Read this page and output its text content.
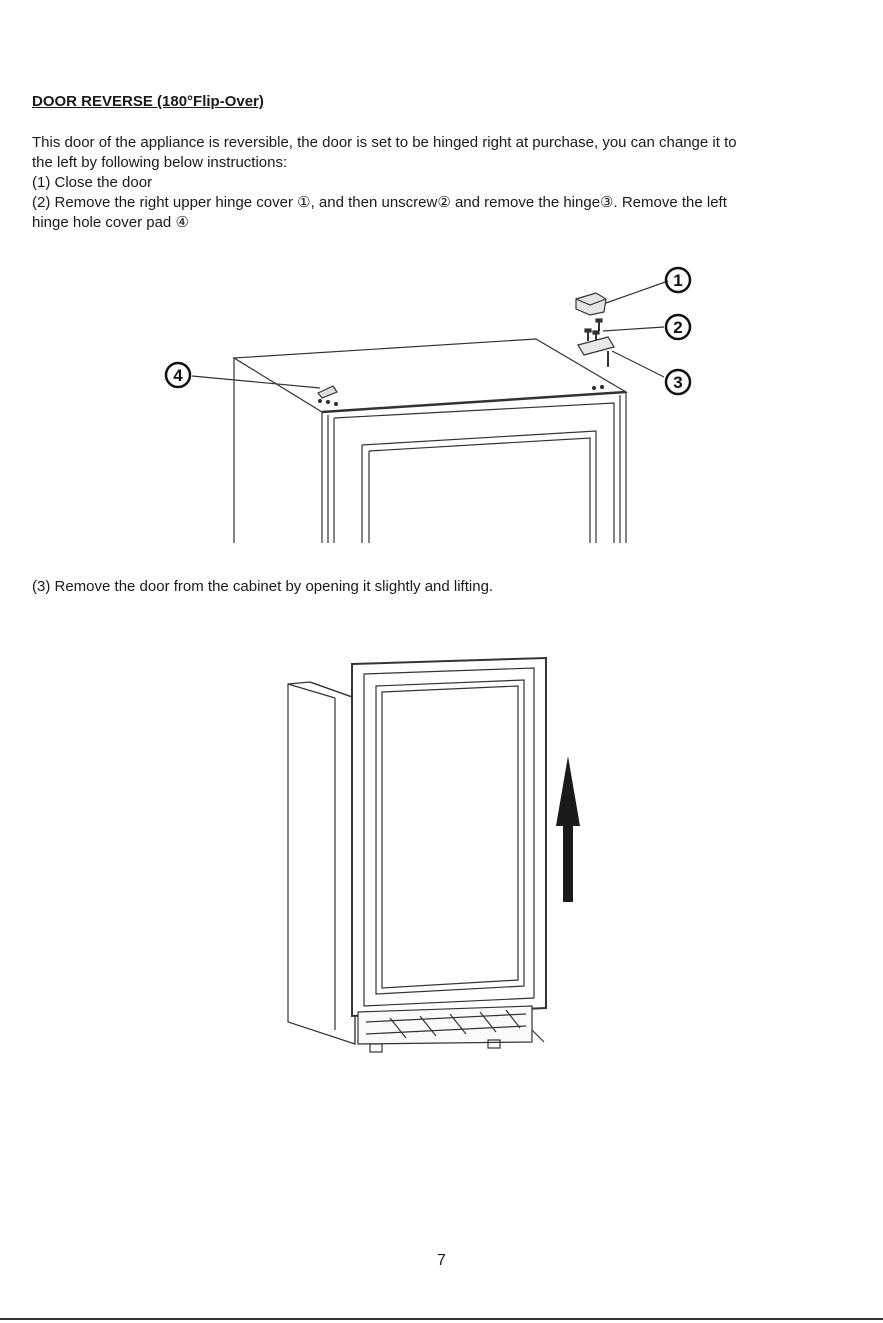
DOOR REVERSE (180°Flip-Over)

This door of the appliance is reversible, the door is set to be hinged right at purchase, you can change it to

the left by following below instructions:

(1) Close the door

(2) Remove the right upper hinge cover ①, and then unscrew② and remove the hinge③. Remove the left

hinge hole cover pad ④

1
2
3
4

(3) Remove the door from the cabinet by opening it slightly and lifting.

7
